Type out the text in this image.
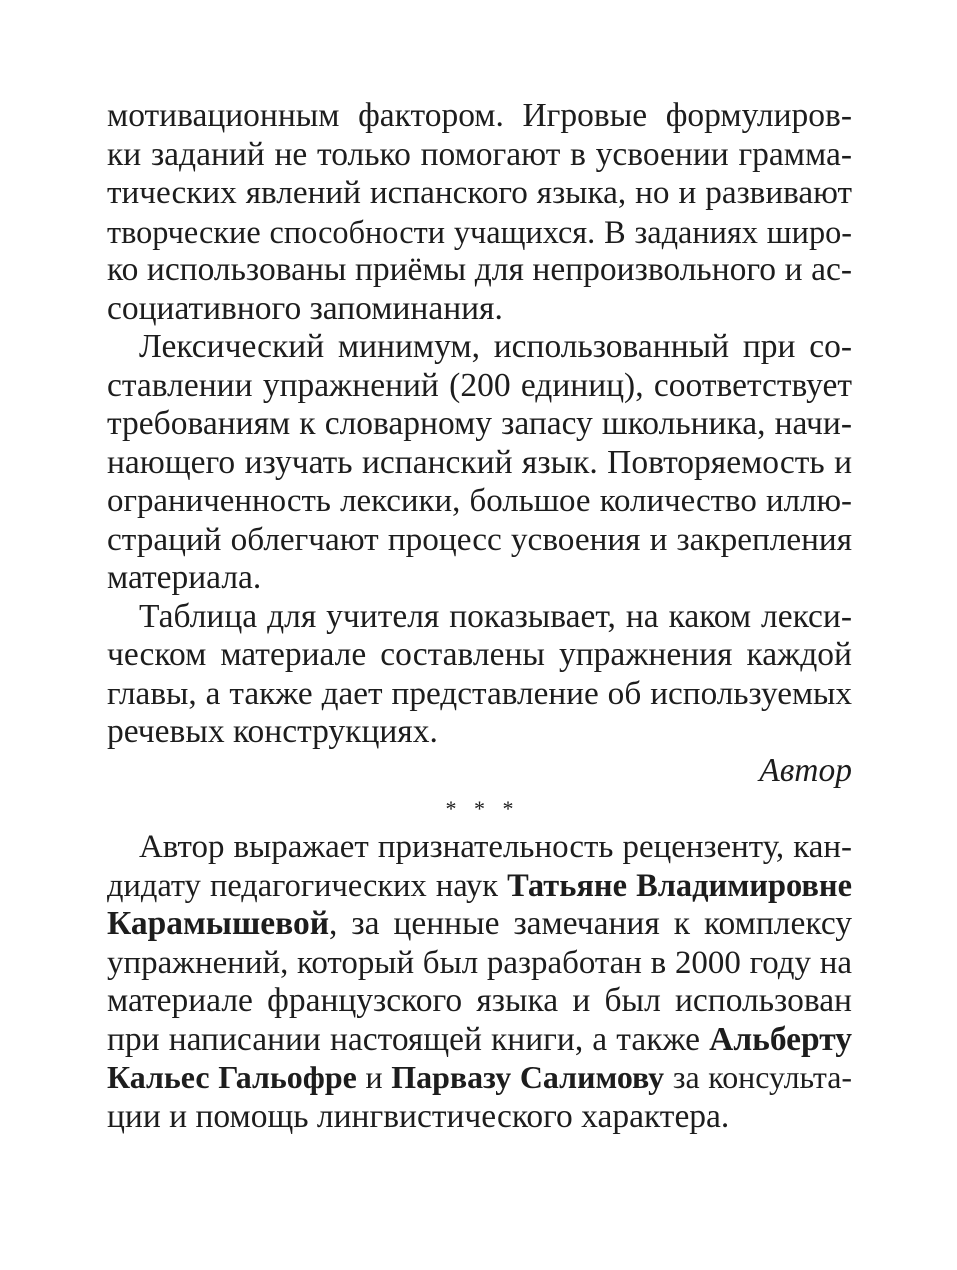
мотивационным фактором. Игровые формулиров-
ки заданий не только помогают в усвоении грамма-
тических явлений испанского языка, но и развивают
творческие способности учащихся. В заданиях широ-
ко использованы приёмы для непроизвольного и ас-
социативного запоминания.
Лексический минимум, использованный при со-
ставлении упражнений (200 единиц), соответствует
требованиям к словарному запасу школьника, начи-
нающего изучать испанский язык. Повторяемость и
ограниченность лексики, большое количество иллю-
страций облегчают процесс усвоения и закрепления
материала.
Таблица для учителя показывает, на каком лекси-
ческом материале составлены упражнения каждой
главы, а также дает представление об используемых
речевых конструкциях.
Автор
* * *
Автор выражает признательность рецензенту, кан-
дидату педагогических наук Татьяне Владимировне
Карамышевой, за ценные замечания к комплексу
упражнений, который был разработан в 2000 году на
материале французского языка и был использован
при написании настоящей книги, а также Альберту
Кальес Гальофре и Парвазу Салимову за консульта-
ции и помощь лингвистического характера.
